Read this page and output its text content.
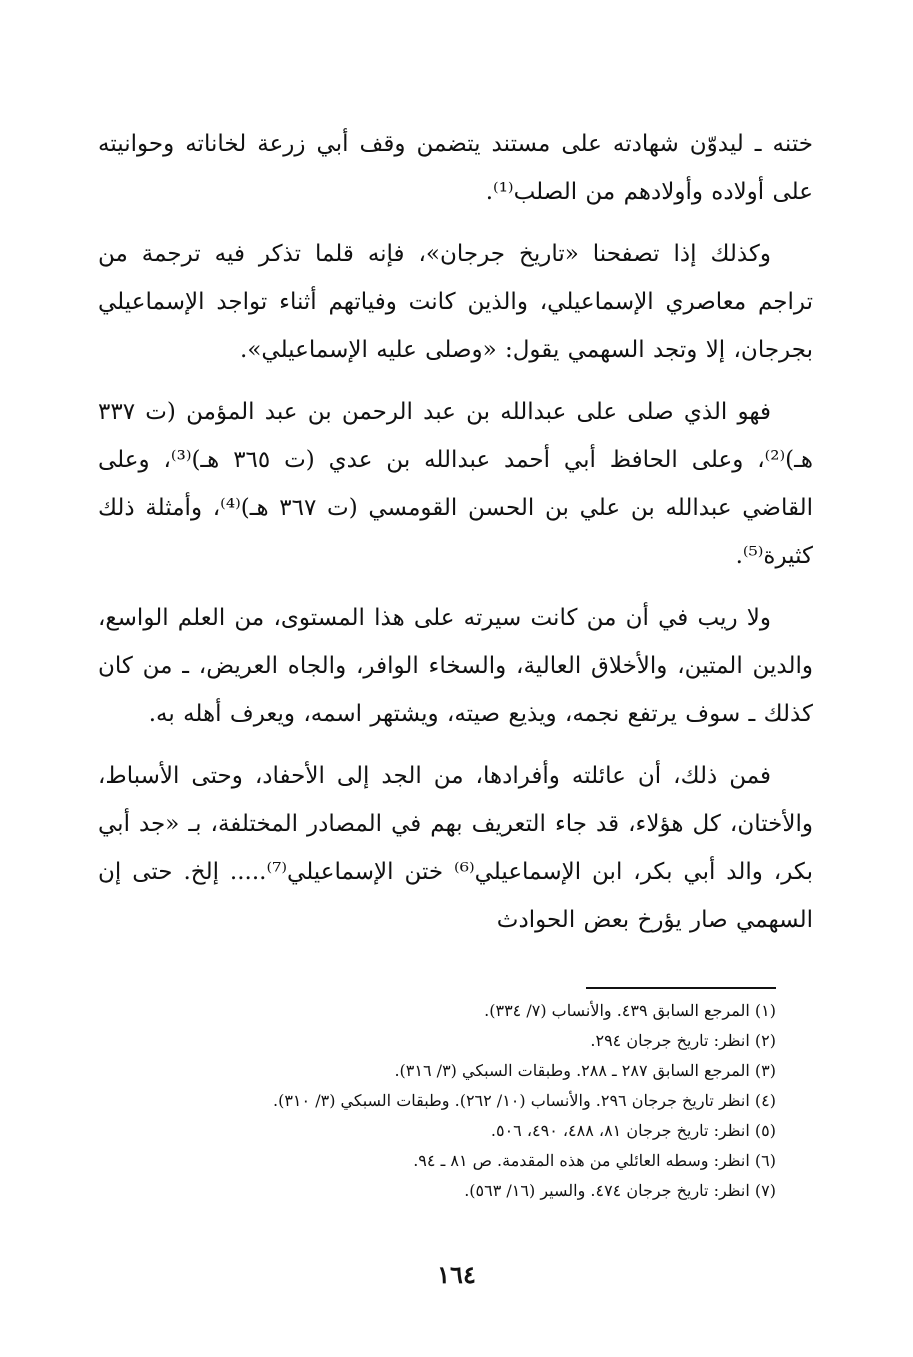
ختنه ـ ليدوّن شهادته على مستند يتضمن وقف أبي زرعة لخاناته وحوانيته على أولاده وأولادهم من الصلب⁽¹⁾.

وكذلك إذا تصفحنا «تاريخ جرجان»، فإنه قلما تذكر فيه ترجمة من تراجم معاصري الإسماعيلي، والذين كانت وفياتهم أثناء تواجد الإسماعيلي بجرجان، إلا وتجد السهمي يقول: «وصلى عليه الإسماعيلي».

فهو الذي صلى على عبدالله بن عبد الرحمن بن عبد المؤمن (ت ٣٣٧ هـ)⁽²⁾، وعلى الحافظ أبي أحمد عبدالله بن عدي (ت ٣٦٥ هـ)⁽³⁾، وعلى القاضي عبدالله بن علي بن الحسن القومسي (ت ٣٦٧ هـ)⁽⁴⁾، وأمثلة ذلك كثيرة⁽⁵⁾.

ولا ريب في أن من كانت سيرته على هذا المستوى، من العلم الواسع، والدين المتين، والأخلاق العالية، والسخاء الوافر، والجاه العريض، ـ من كان كذلك ـ سوف يرتفع نجمه، ويذيع صيته، ويشتهر اسمه، ويعرف أهله به.

فمن ذلك، أن عائلته وأفرادها، من الجد إلى الأحفاد، وحتى الأسباط، والأختان، كل هؤلاء، قد جاء التعريف بهم في المصادر المختلفة، بـ «جد أبي بكر، والد أبي بكر، ابن الإسماعيلي⁽⁶⁾ ختن الإسماعيلي⁽⁷⁾..... إلخ. حتى إن السهمي صار يؤرخ بعض الحوادث

(١) المرجع السابق ٤٣٩. والأنساب (٧/ ٣٣٤).
(٢) انظر: تاريخ جرجان ٢٩٤.
(٣) المرجع السابق ٢٨٧ ـ ٢٨٨. وطبقات السبكي (٣/ ٣١٦).
(٤) انظر تاريخ جرجان ٢٩٦. والأنساب (١٠/ ٢٦٢). وطبقات السبكي (٣/ ٣١٠).
(٥) انظر: تاريخ جرجان ٨١، ٤٨٨، ٤٩٠، ٥٠٦.
(٦) انظر: وسطه العائلي من هذه المقدمة. ص ٨١ ـ ٩٤.
(٧) انظر: تاريخ جرجان ٤٧٤. والسير (١٦/ ٥٦٣).
١٦٤
